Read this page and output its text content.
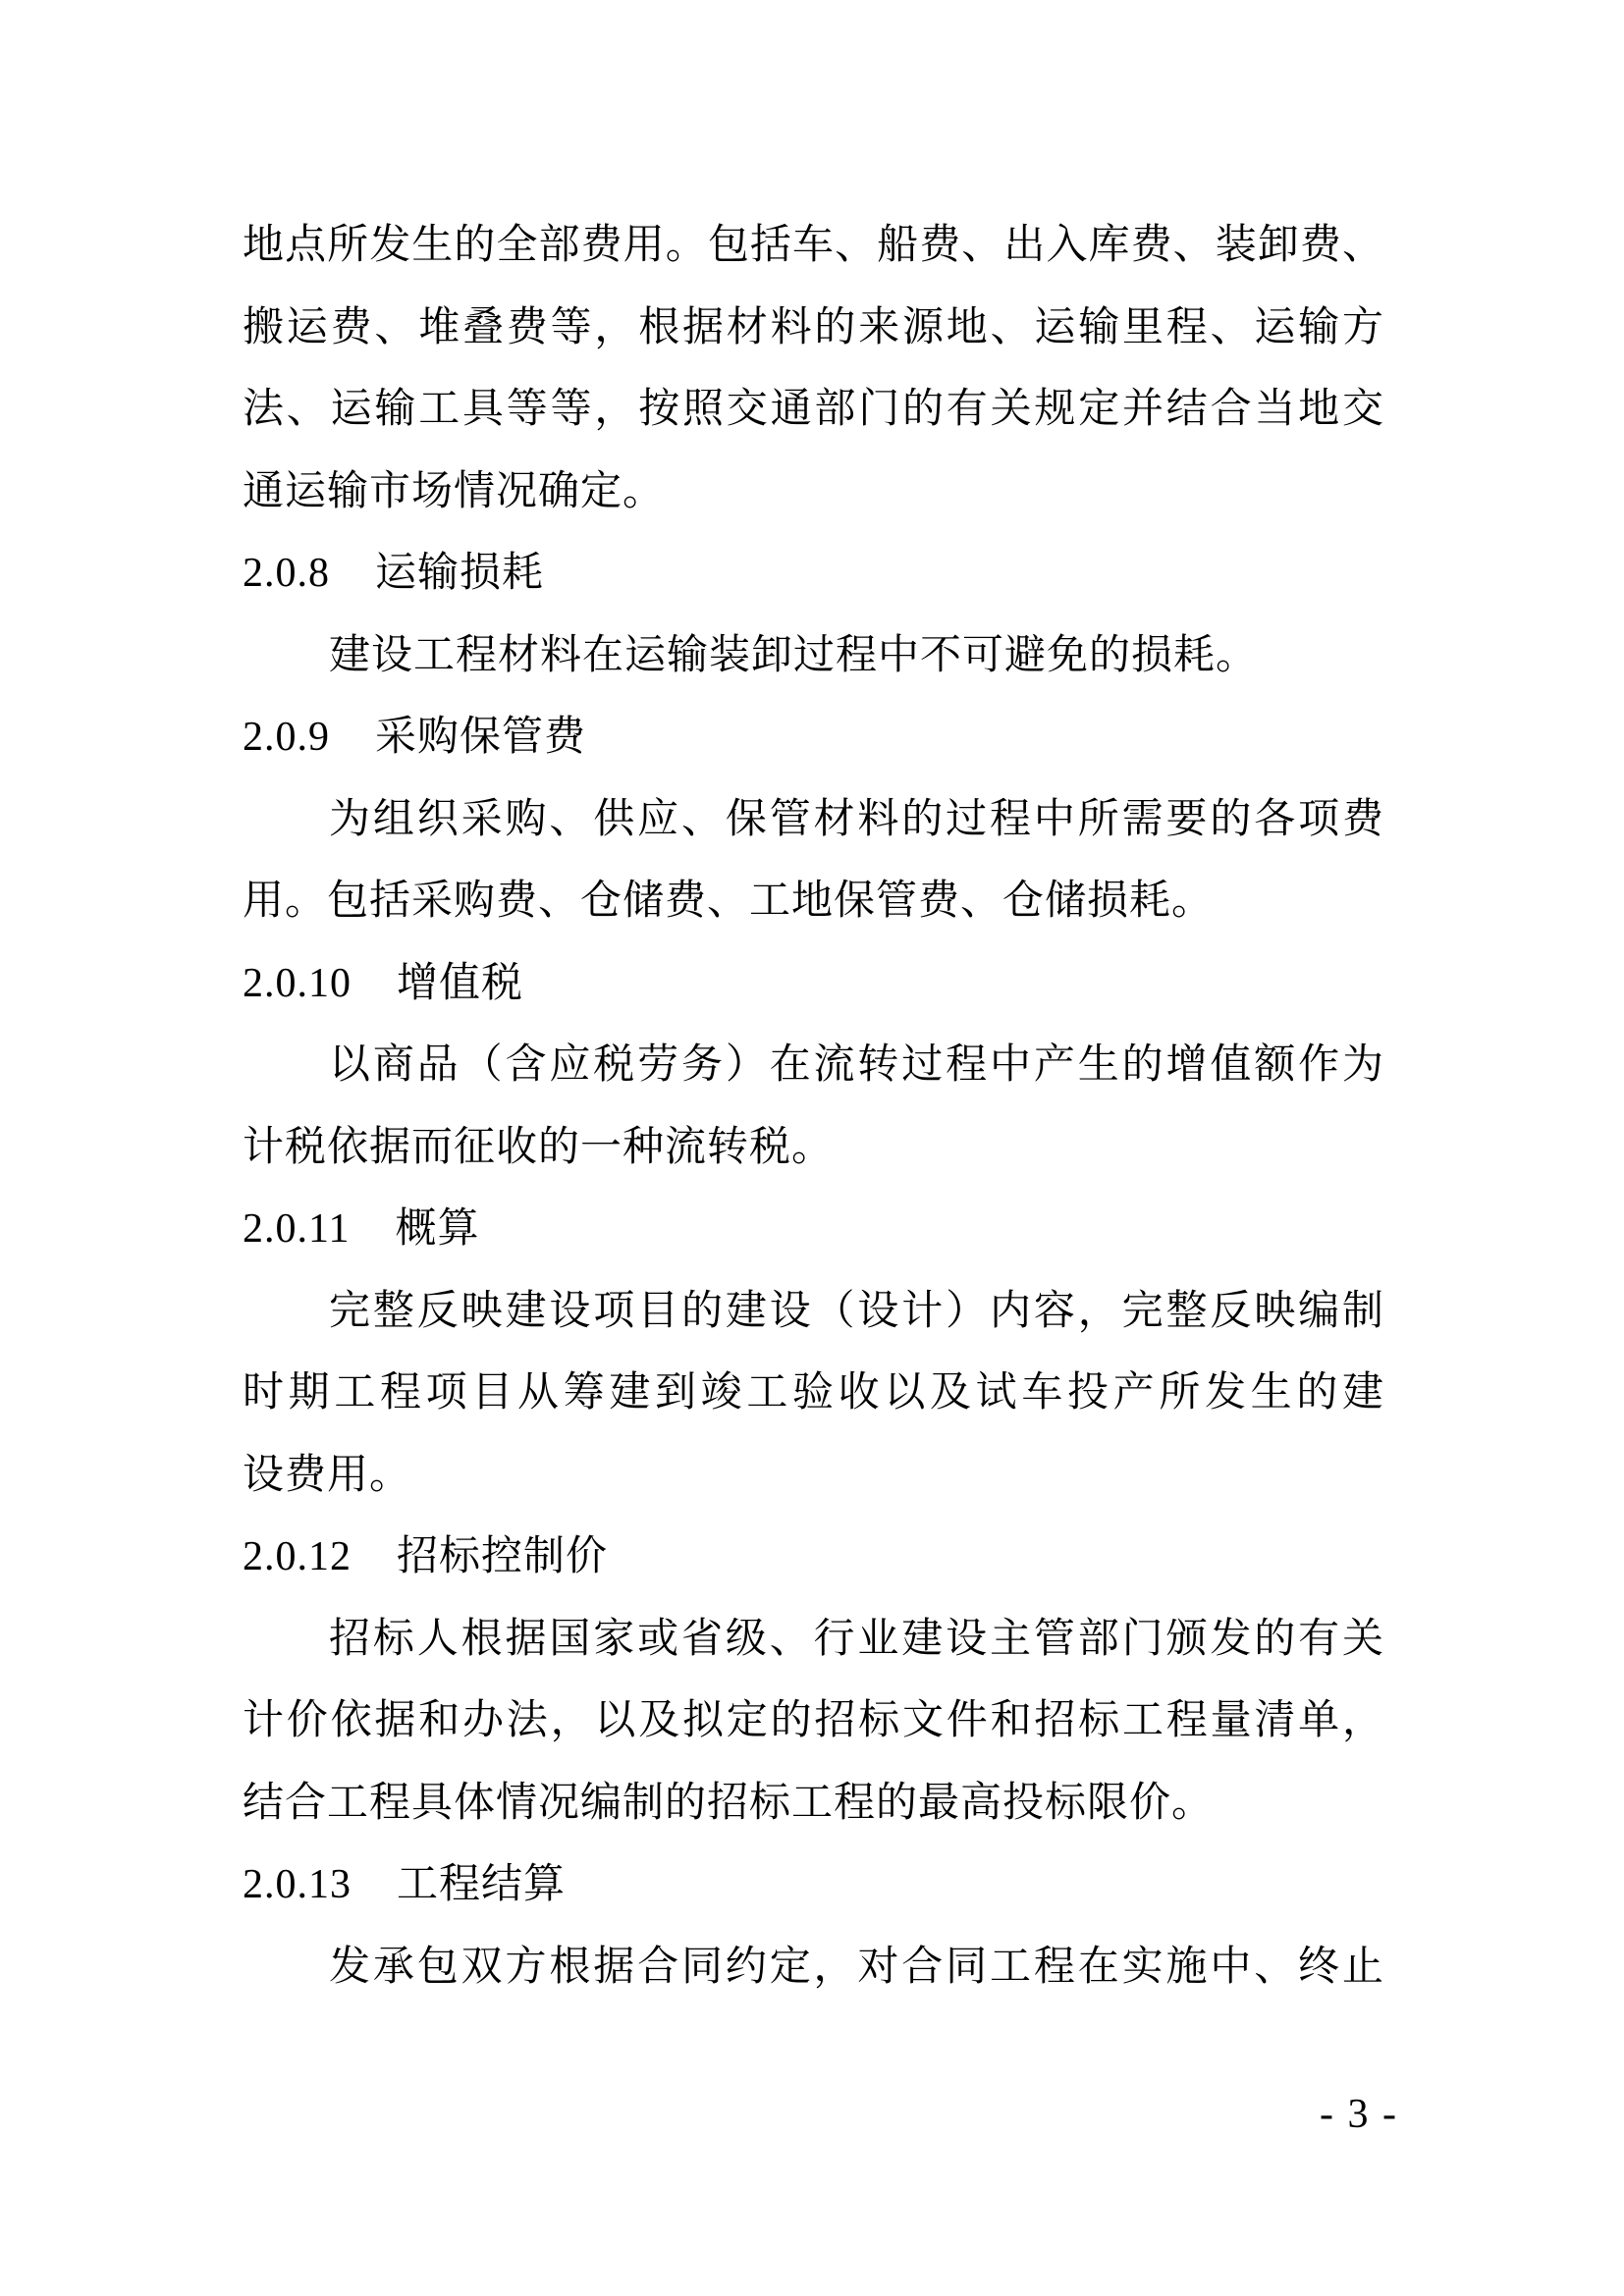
地点所发生的全部费用。包括车、船费、出入库费、装卸费、
搬运费、堆叠费等，根据材料的来源地、运输里程、运输方
法、运输工具等等，按照交通部门的有关规定并结合当地交
通运输市场情况确定。
2.0.8 运输损耗
建设工程材料在运输装卸过程中不可避免的损耗。
2.0.9 采购保管费
为组织采购、供应、保管材料的过程中所需要的各项费
用。包括采购费、仓储费、工地保管费、仓储损耗。
2.0.10 增值税
以商品（含应税劳务）在流转过程中产生的增值额作为
计税依据而征收的一种流转税。
2.0.11 概算
完整反映建设项目的建设（设计）内容，完整反映编制
时期工程项目从筹建到竣工验收以及试车投产所发生的建
设费用。
2.0.12 招标控制价
招标人根据国家或省级、行业建设主管部门颁发的有关
计价依据和办法，以及拟定的招标文件和招标工程量清单，
结合工程具体情况编制的招标工程的最高投标限价。
2.0.13 工程结算
发承包双方根据合同约定，对合同工程在实施中、终止
- 3 -
